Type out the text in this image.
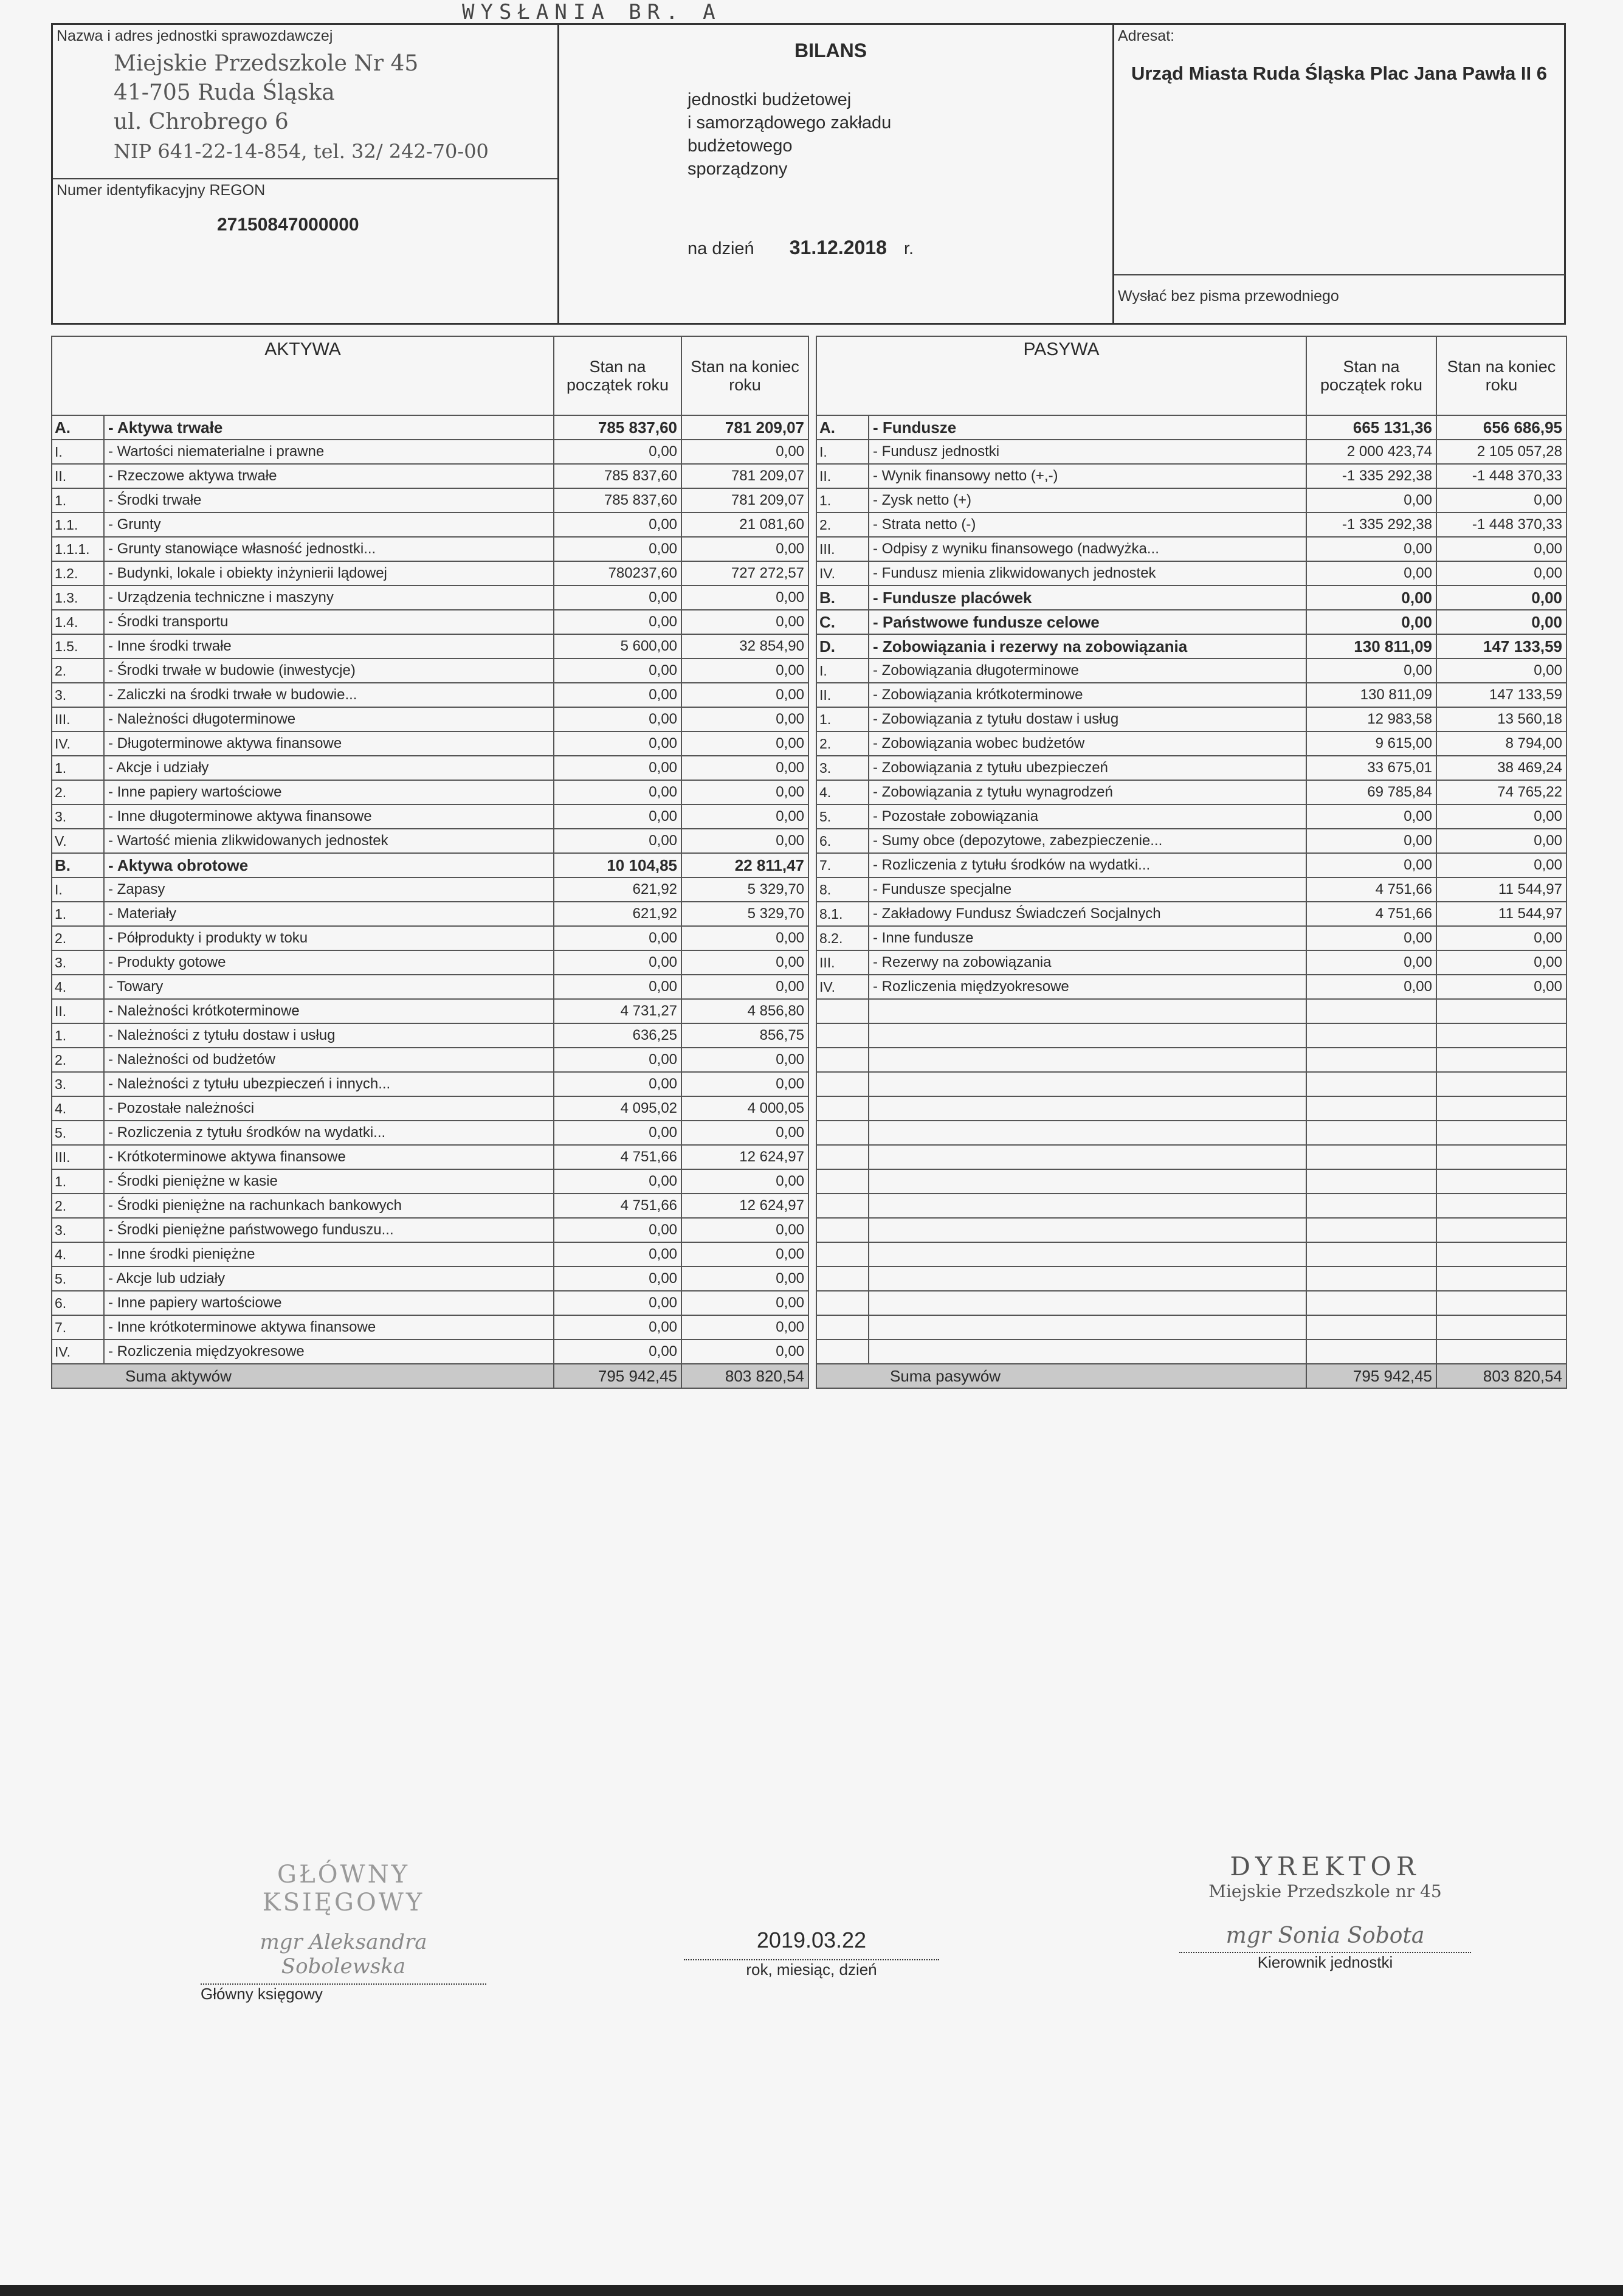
WYSŁANIA BR. A
Nazwa i adres jednostki sprawozdawczej
Miejskie Przedszkole Nr 45
41-705 Ruda Śląska
ul. Chrobrego 6
NIP 641-22-14-854, tel. 32/ 242-70-00
Numer identyfikacyjny REGON
27150847000000
BILANS
jednostki budżetowej
i samorządowego zakładu
budżetowego
sporządzony
na dzień 31.12.2018 r.
Adresat:
Urząd Miasta Ruda Śląska Plac Jana Pawła II 6
Wysłać bez pisma przewodniego
AKTYWA		Stan na początek roku	Stan na koniec roku
A.	- Aktywa trwałe	785 837,60	781 209,07
I.	- Wartości niematerialne i prawne	0,00	0,00
II.	- Rzeczowe aktywa trwałe	785 837,60	781 209,07
1.	- Środki trwałe	785 837,60	781 209,07
1.1.	- Grunty	0,00	21 081,60
1.1.1.	- Grunty stanowiące własność jednostki...	0,00	0,00
1.2.	- Budynki, lokale i obiekty inżynierii lądowej	780237,60	727 272,57
1.3.	- Urządzenia techniczne i maszyny	0,00	0,00
1.4.	- Środki transportu	0,00	0,00
1.5.	- Inne środki trwałe	5 600,00	32 854,90
2.	- Środki trwałe w budowie (inwestycje)	0,00	0,00
3.	- Zaliczki na środki trwałe w budowie...	0,00	0,00
III.	- Należności długoterminowe	0,00	0,00
IV.	- Długoterminowe aktywa finansowe	0,00	0,00
1.	- Akcje i udziały	0,00	0,00
2.	- Inne papiery wartościowe	0,00	0,00
3.	- Inne długoterminowe aktywa finansowe	0,00	0,00
V.	- Wartość mienia zlikwidowanych jednostek	0,00	0,00
B.	- Aktywa obrotowe	10 104,85	22 811,47
I.	- Zapasy	621,92	5 329,70
1.	- Materiały	621,92	5 329,70
2.	- Półprodukty i produkty w toku	0,00	0,00
3.	- Produkty gotowe	0,00	0,00
4.	- Towary	0,00	0,00
II.	- Należności krótkoterminowe	4 731,27	4 856,80
1.	- Należności z tytułu dostaw i usług	636,25	856,75
2.	- Należności od budżetów	0,00	0,00
3.	- Należności z tytułu ubezpieczeń i innych...	0,00	0,00
4.	- Pozostałe należności	4 095,02	4 000,05
5.	- Rozliczenia z tytułu środków na wydatki...	0,00	0,00
III.	- Krótkoterminowe aktywa finansowe	4 751,66	12 624,97
1.	- Środki pieniężne w kasie	0,00	0,00
2.	- Środki pieniężne na rachunkach bankowych	4 751,66	12 624,97
3.	- Środki pieniężne państwowego funduszu...	0,00	0,00
4.	- Inne środki pieniężne	0,00	0,00
5.	- Akcje lub udziały	0,00	0,00
6.	- Inne papiery wartościowe	0,00	0,00
7.	- Inne krótkoterminowe aktywa finansowe	0,00	0,00
IV.	- Rozliczenia międzyokresowe	0,00	0,00
Suma aktywów		795 942,45	803 820,54
PASYWA		Stan na początek roku	Stan na koniec roku
A.	- Fundusze	665 131,36	656 686,95
I.	- Fundusz jednostki	2 000 423,74	2 105 057,28
II.	- Wynik finansowy netto (+,-)	-1 335 292,38	-1 448 370,33
1.	- Zysk netto (+)	0,00	0,00
2.	- Strata netto (-)	-1 335 292,38	-1 448 370,33
III.	- Odpisy z wyniku finansowego (nadwyżka...	0,00	0,00
IV.	- Fundusz mienia zlikwidowanych jednostek	0,00	0,00
B.	- Fundusze placówek	0,00	0,00
C.	- Państwowe fundusze celowe	0,00	0,00
D.	- Zobowiązania i rezerwy na zobowiązania	130 811,09	147 133,59
I.	- Zobowiązania długoterminowe	0,00	0,00
II.	- Zobowiązania krótkoterminowe	130 811,09	147 133,59
1.	- Zobowiązania z tytułu dostaw i usług	12 983,58	13 560,18
2.	- Zobowiązania wobec budżetów	9 615,00	8 794,00
3.	- Zobowiązania z tytułu ubezpieczeń	33 675,01	38 469,24
4.	- Zobowiązania z tytułu wynagrodzeń	69 785,84	74 765,22
5.	- Pozostałe zobowiązania	0,00	0,00
6.	- Sumy obce (depozytowe, zabezpieczenie...	0,00	0,00
7.	- Rozliczenia z tytułu środków na wydatki...	0,00	0,00
8.	- Fundusze specjalne	4 751,66	11 544,97
8.1.	- Zakładowy Fundusz Świadczeń Socjalnych	4 751,66	11 544,97
8.2.	- Inne fundusze	0,00	0,00
III.	- Rezerwy na zobowiązania	0,00	0,00
IV.	- Rozliczenia międzyokresowe	0,00	0,00

Suma pasywów		795 942,45	803 820,54
GŁÓWNY KSIĘGOWY
mgr Aleksandra Sobolewska
Główny księgowy
2019.03.22
rok, miesiąc, dzień
DYREKTOR
Miejskie Przedszkole nr 45
mgr Sonia Sobota
Kierownik jednostki
